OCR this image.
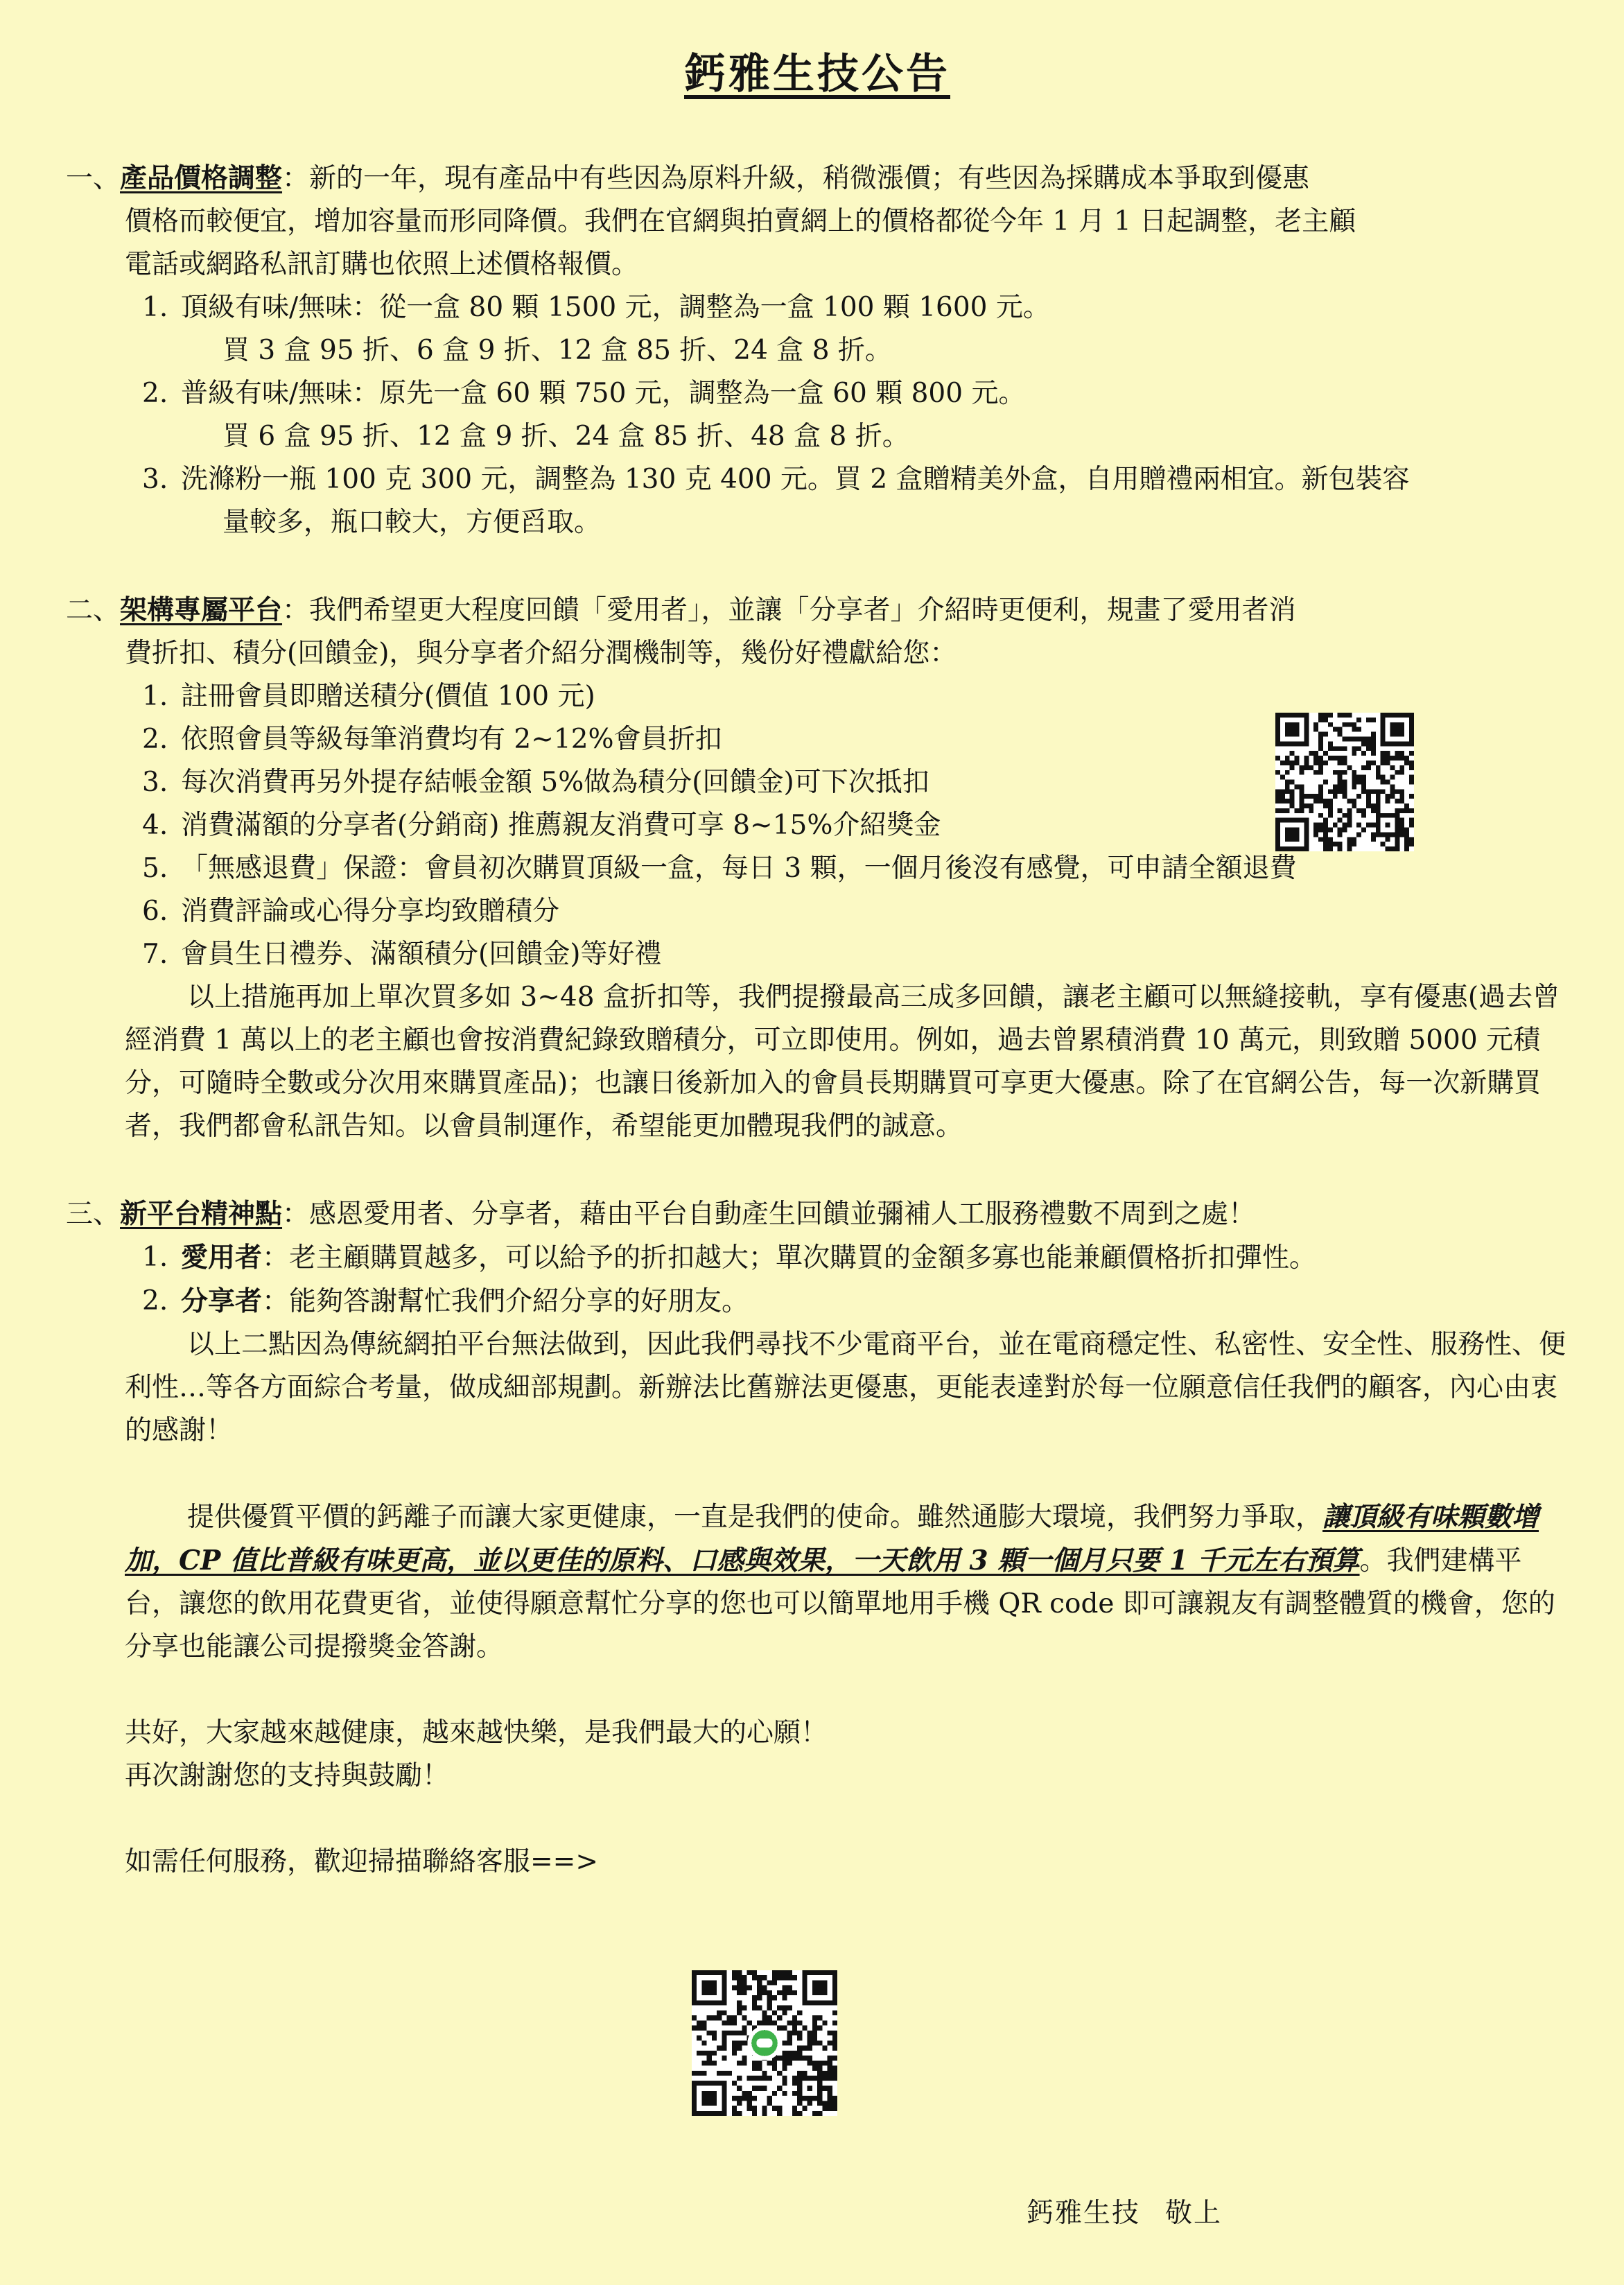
鈣雅生技公告

一、產品價格調整：新的一年，現有產品中有些因為原料升級，稍微漲價；有些因為採購成本爭取到優惠

價格而較便宜，增加容量而形同降價。我們在官網與拍賣網上的價格都從今年 1 月 1 日起調整，老主顧

電話或網路私訊訂購也依照上述價格報價。

1. 頂級有味/無味：從一盒 80 顆 1500 元，調整為一盒 100 顆 1600 元。
買 3 盒 95 折、6 盒 9 折、12 盒 85 折、24 盒 8 折。
2. 普級有味/無味：原先一盒 60 顆 750 元，調整為一盒 60 顆 800 元。
買 6 盒 95 折、12 盒 9 折、24 盒 85 折、48 盒 8 折。
3. 洗滌粉一瓶 100 克 300 元，調整為 130 克 400 元。買 2 盒贈精美外盒，自用贈禮兩相宜。新包裝容
量較多，瓶口較大，方便舀取。

二、架構專屬平台：我們希望更大程度回饋「愛用者」，並讓「分享者」介紹時更便利，規畫了愛用者消

費折扣、積分(回饋金)，與分享者介紹分潤機制等，幾份好禮獻給您：

1. 註冊會員即贈送積分(價值 100 元)
2. 依照會員等級每筆消費均有 2~12%會員折扣
3. 每次消費再另外提存結帳金額 5%做為積分(回饋金)可下次抵扣
4. 消費滿額的分享者(分銷商) 推薦親友消費可享 8~15%介紹獎金
5. 「無感退費」保證：會員初次購買頂級一盒，每日 3 顆，一個月後沒有感覺，可申請全額退費
6. 消費評論或心得分享均致贈積分
7. 會員生日禮券、滿額積分(回饋金)等好禮

以上措施再加上單次買多如 3~48 盒折扣等，我們提撥最高三成多回饋，讓老主顧可以無縫接軌，享有優惠(過去曾經消費 1 萬以上的老主顧也會按消費紀錄致贈積分，可立即使用。例如，過去曾累積消費 10 萬元，則致贈 5000 元積分，可隨時全數或分次用來購買產品)；也讓日後新加入的會員長期購買可享更大優惠。除了在官網公告，每一次新購買者，我們都會私訊告知。以會員制運作，希望能更加體現我們的誠意。

三、新平台精神點：感恩愛用者、分享者，藉由平台自動產生回饋並彌補人工服務禮數不周到之處！

1. 愛用者：老主顧購買越多，可以給予的折扣越大；單次購買的金額多寡也能兼顧價格折扣彈性。
2. 分享者：能夠答謝幫忙我們介紹分享的好朋友。

以上二點因為傳統網拍平台無法做到，因此我們尋找不少電商平台，並在電商穩定性、私密性、安全性、服務性、便利性…等各方面綜合考量，做成細部規劃。新辦法比舊辦法更優惠，更能表達對於每一位願意信任我們的顧客，內心由衷的感謝！

提供優質平價的鈣離子而讓大家更健康，一直是我們的使命。雖然通膨大環境，我們努力爭取，讓頂級有味顆數增加，CP 值比普級有味更高，並以更佳的原料、口感與效果，一天飲用 3 顆一個月只要 1 千元左右預算。我們建構平台，讓您的飲用花費更省，並使得願意幫忙分享的您也可以簡單地用手機 QR code 即可讓親友有調整體質的機會，您的分享也能讓公司提撥獎金答謝。

共好，大家越來越健康，越來越快樂，是我們最大的心願！

再次謝謝您的支持與鼓勵！

如需任何服務，歡迎掃描聯絡客服==>
鈣雅生技 敬上
